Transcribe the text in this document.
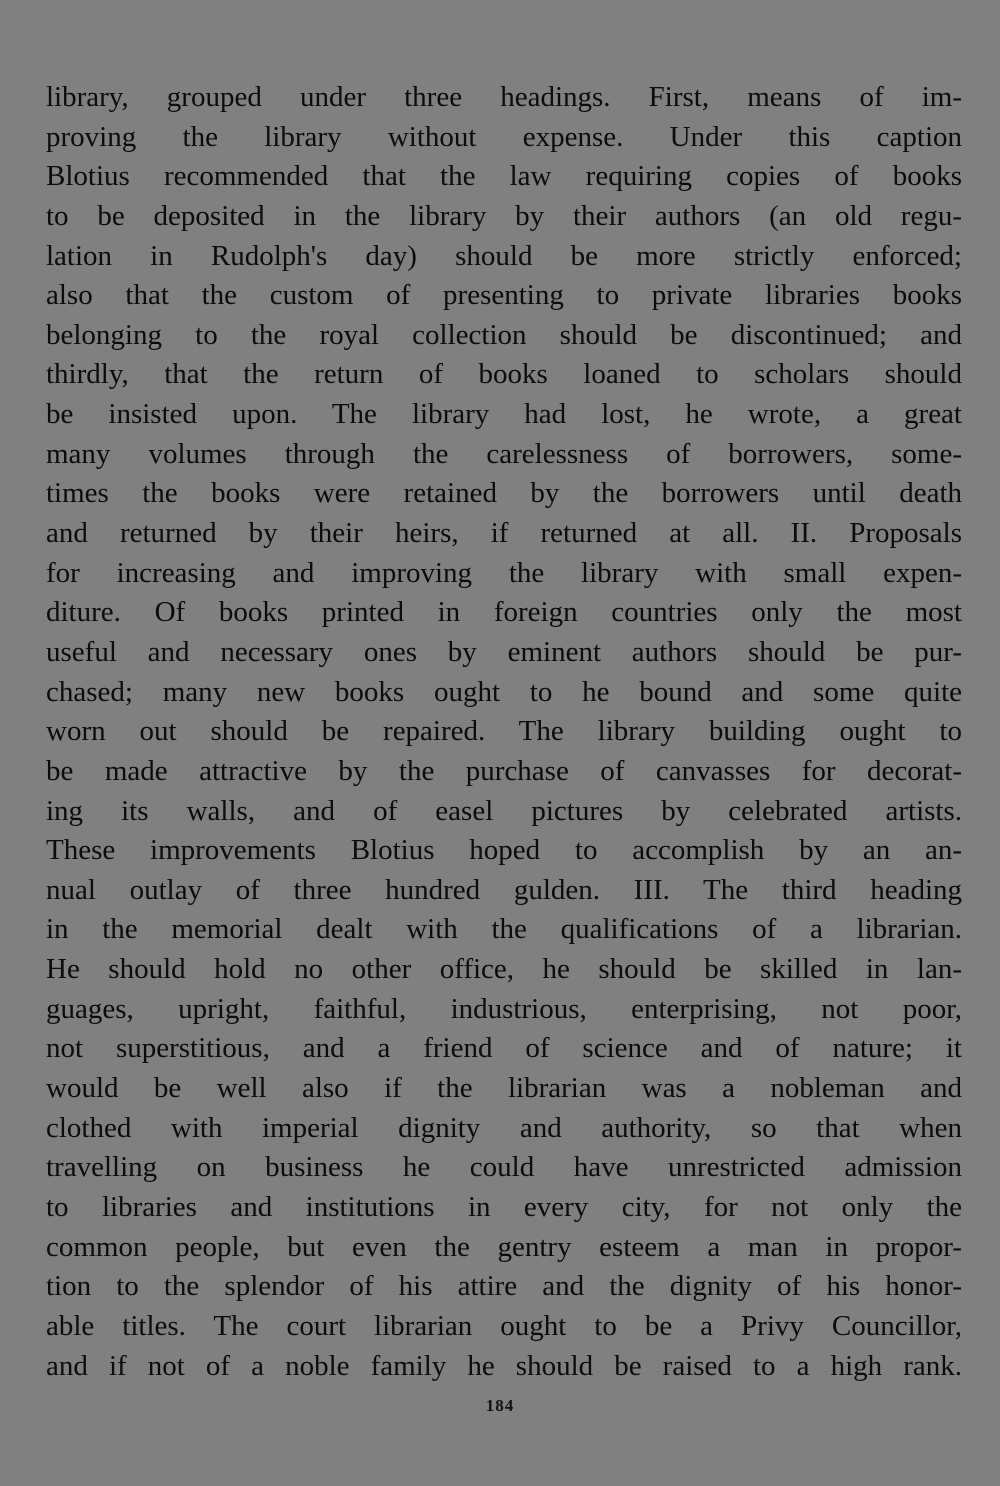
library, grouped under three headings. First, means of im-
proving the library without expense. Under this caption
Blotius recommended that the law requiring copies of books
to be deposited in the library by their authors (an old regu-
lation in Rudolph's day) should be more strictly enforced;
also that the custom of presenting to private libraries books
belonging to the royal collection should be discontinued; and
thirdly, that the return of books loaned to scholars should
be insisted upon. The library had lost, he wrote, a great
many volumes through the carelessness of borrowers, some-
times the books were retained by the borrowers until death
and returned by their heirs, if returned at all. II. Proposals
for increasing and improving the library with small expen-
diture. Of books printed in foreign countries only the most
useful and necessary ones by eminent authors should be pur-
chased; many new books ought to he bound and some quite
worn out should be repaired. The library building ought to
be made attractive by the purchase of canvasses for decorat-
ing its walls, and of easel pictures by celebrated artists.
These improvements Blotius hoped to accomplish by an an-
nual outlay of three hundred gulden. III. The third heading
in the memorial dealt with the qualifications of a librarian.
He should hold no other office, he should be skilled in lan-
guages, upright, faithful, industrious, enterprising, not poor,
not superstitious, and a friend of science and of nature; it
would be well also if the librarian was a nobleman and
clothed with imperial dignity and authority, so that when
travelling on business he could have unrestricted admission
to libraries and institutions in every city, for not only the
common people, but even the gentry esteem a man in propor-
tion to the splendor of his attire and the dignity of his honor-
able titles. The court librarian ought to be a Privy Councillor,
and if not of a noble family he should be raised to a high rank.
184
